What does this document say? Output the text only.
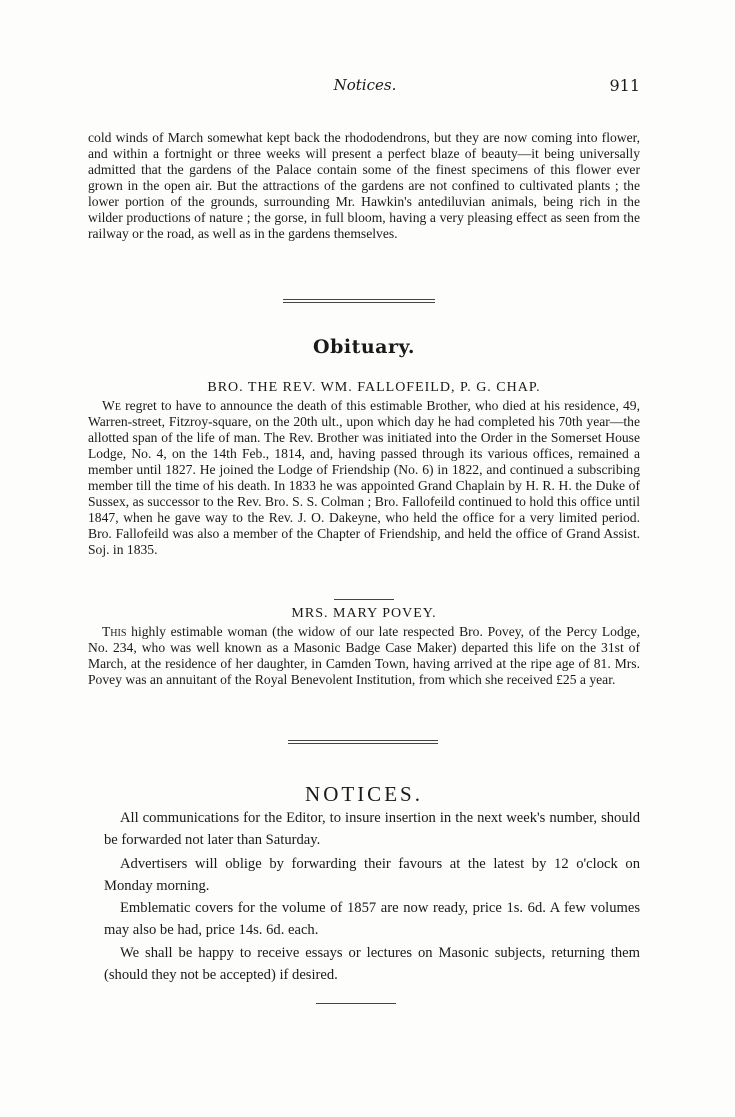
Notices.	911

cold winds of March somewhat kept back the rhododendrons, but they are now coming into flower, and within a fortnight or three weeks will present a perfect blaze of beauty—it being universally admitted that the gardens of the Palace contain some of the finest specimens of this flower ever grown in the open air. But the attractions of the gardens are not confined to cultivated plants ; the lower portion of the grounds, surrounding Mr. Hawkin's antediluvian animals, being rich in the wilder productions of nature ; the gorse, in full bloom, having a very pleasing effect as seen from the railway or the road, as well as in the gardens themselves.

Obituary.
BRO. THE REV. WM. FALLOFEILD, P. G. CHAP.

We regret to have to announce the death of this estimable Brother, who died at his residence, 49, Warren-street, Fitzroy-square, on the 20th ult., upon which day he had completed his 70th year—the allotted span of the life of man. The Rev. Brother was initiated into the Order in the Somerset House Lodge, No. 4, on the 14th Feb., 1814, and, having passed through its various offices, remained a member until 1827. He joined the Lodge of Friendship (No. 6) in 1822, and continued a subscribing member till the time of his death. In 1833 he was appointed Grand Chaplain by H. R. H. the Duke of Sussex, as successor to the Rev. Bro. S. S. Colman ; Bro. Fallofeild continued to hold this office until 1847, when he gave way to the Rev. J. O. Dakeyne, who held the office for a very limited period. Bro. Fallofeild was also a member of the Chapter of Friendship, and held the office of Grand Assist. Soj. in 1835.

MRS. MARY POVEY.

This highly estimable woman (the widow of our late respected Bro. Povey, of the Percy Lodge, No. 234, who was well known as a Masonic Badge Case Maker) departed this life on the 31st of March, at the residence of her daughter, in Camden Town, having arrived at the ripe age of 81. Mrs. Povey was an annuitant of the Royal Benevolent Institution, from which she received £25 a year.

NOTICES.

All communications for the Editor, to insure insertion in the next week's number, should be forwarded not later than Saturday.

Advertisers will oblige by forwarding their favours at the latest by 12 o'clock on Monday morning.

Emblematic covers for the volume of 1857 are now ready, price 1s. 6d. A few volumes may also be had, price 14s. 6d. each.

We shall be happy to receive essays or lectures on Masonic subjects, returning them (should they not be accepted) if desired.
